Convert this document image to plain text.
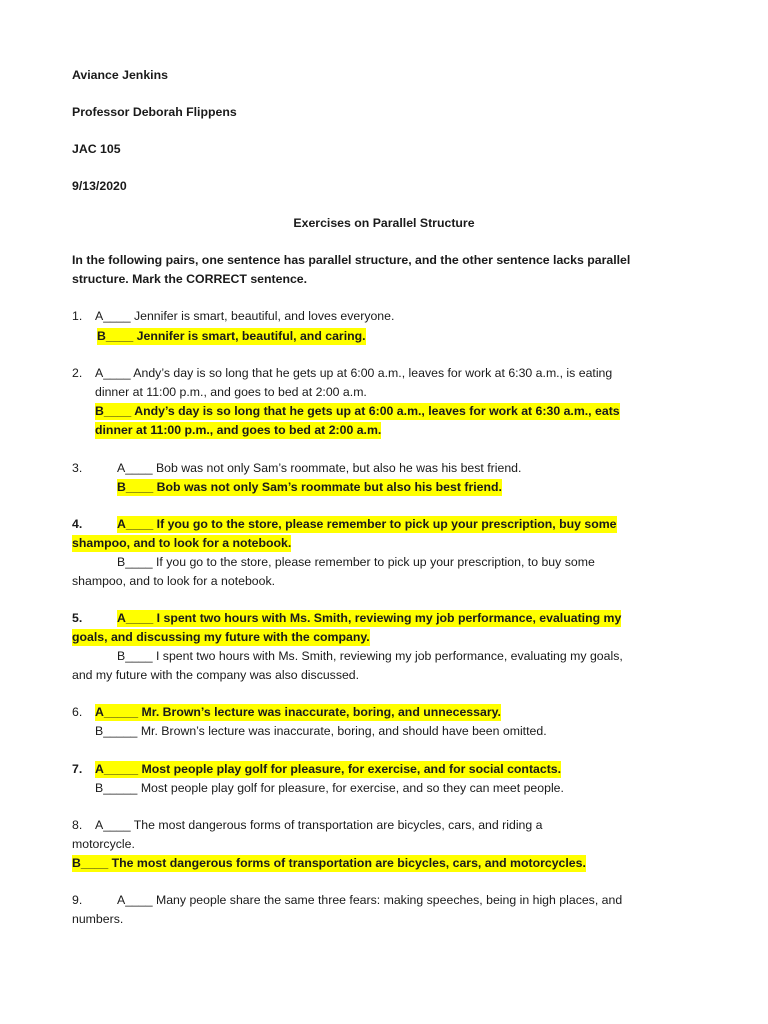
Aviance Jenkins
Professor Deborah Flippens
JAC 105
9/13/2020
Exercises on Parallel Structure
In the following pairs, one sentence has parallel structure, and the other sentence lacks parallel
structure. Mark the CORRECT sentence.
1. A____ Jennifer is smart, beautiful, and loves everyone.
B____ Jennifer is smart, beautiful, and caring.
2. A____ Andy’s day is so long that he gets up at 6:00 a.m., leaves for work at 6:30 a.m., is eating
dinner at 11:00 p.m., and goes to bed at 2:00 a.m.
B____ Andy’s day is so long that he gets up at 6:00 a.m., leaves for work at 6:30 a.m., eats
dinner at 11:00 p.m., and goes to bed at 2:00 a.m.
3.	A____ Bob was not only Sam’s roommate, but also he was his best friend.
B____ Bob was not only Sam’s roommate but also his best friend.
4.	A____ If you go to the store, please remember to pick up your prescription, buy some
shampoo, and to look for a notebook.
B____ If you go to the store, please remember to pick up your prescription, to buy some
shampoo, and to look for a notebook.
5.	A____ I spent two hours with Ms. Smith, reviewing my job performance, evaluating my
goals, and discussing my future with the company.
B____ I spent two hours with Ms. Smith, reviewing my job performance, evaluating my goals,
and my future with the company was also discussed.
6. A_____ Mr. Brown’s lecture was inaccurate, boring, and unnecessary.
B_____ Mr. Brown’s lecture was inaccurate, boring, and should have been omitted.
7. A_____ Most people play golf for pleasure, for exercise, and for social contacts.
B_____ Most people play golf for pleasure, for exercise, and so they can meet people.
8. A____ The most dangerous forms of transportation are bicycles, cars, and riding a
motorcycle.
B____ The most dangerous forms of transportation are bicycles, cars, and motorcycles.
9.	A____ Many people share the same three fears: making speeches, being in high places, and
numbers.
